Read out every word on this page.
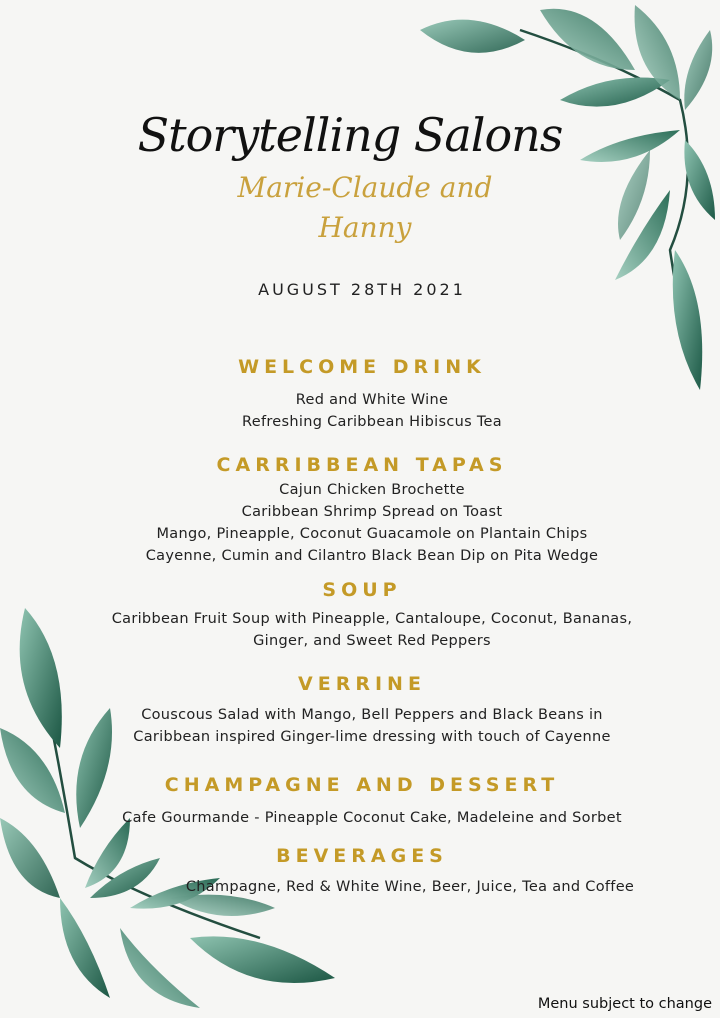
Storytelling Salons
Marie-Claude and Hanny
AUGUST 28TH 2021
WELCOME DRINK
Red and White Wine
Refreshing Caribbean Hibiscus Tea
CARRIBBEAN TAPAS
Cajun Chicken Brochette
Caribbean Shrimp Spread on Toast
Mango, Pineapple, Coconut Guacamole on Plantain Chips
Cayenne, Cumin and Cilantro Black Bean Dip on Pita Wedge
SOUP
Caribbean Fruit Soup with Pineapple, Cantaloupe, Coconut, Bananas,
Ginger, and Sweet Red Peppers
VERRINE
Couscous Salad with Mango, Bell Peppers and Black Beans in
Caribbean inspired Ginger-lime dressing with touch of Cayenne
CHAMPAGNE AND DESSERT
Cafe Gourmande - Pineapple Coconut Cake, Madeleine and Sorbet
BEVERAGES
Champagne, Red & White Wine, Beer, Juice, Tea and Coffee
Menu subject to change
